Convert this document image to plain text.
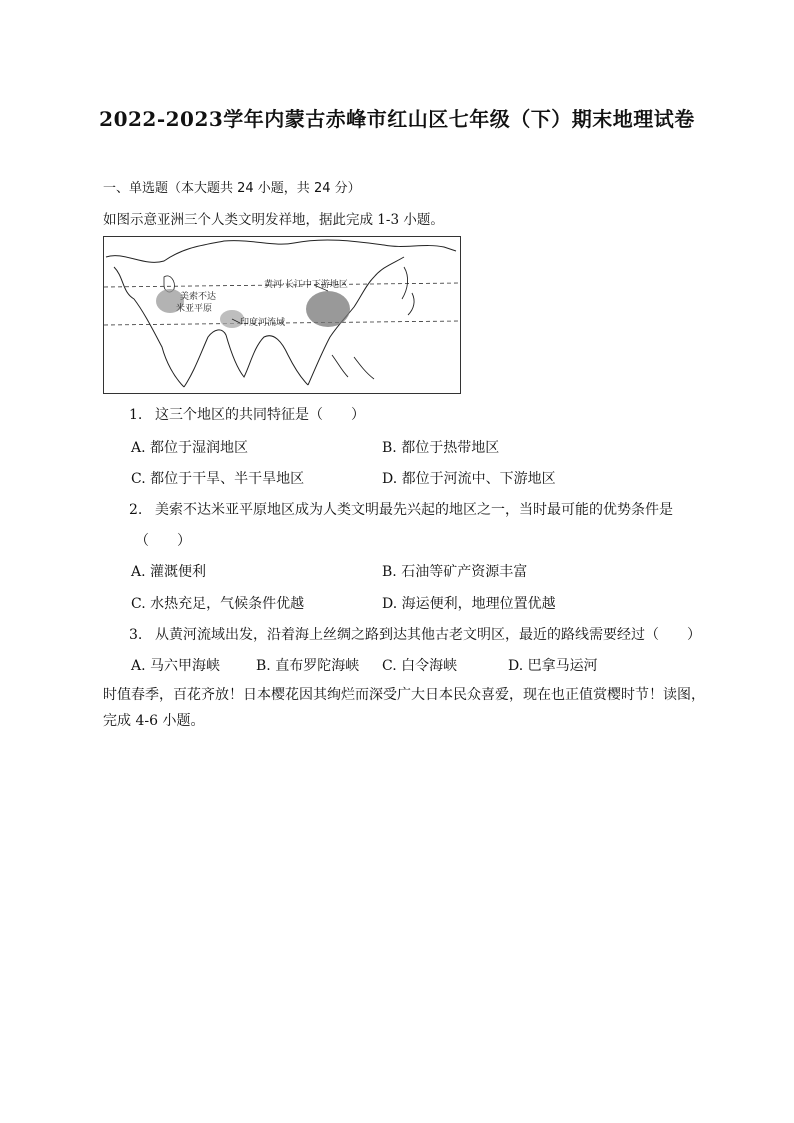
2022-2023学年内蒙古赤峰市红山区七年级（下）期末地理试卷
一、单选题（本大题共 24 小题，共 24 分）
如图示意亚洲三个人类文明发祥地，据此完成 1-3 小题。
黄河·长江中下游地区
美索不达
米亚平原
印度河流域
1. 这三个地区的共同特征是（　　）
A. 都位于湿润地区	B. 都位于热带地区
C. 都位于干旱、半干旱地区	D. 都位于河流中、下游地区
2. 美索不达米亚平原地区成为人类文明最先兴起的地区之一，当时最可能的优势条件是
（　　）
A. 灌溉便利	B. 石油等矿产资源丰富
C. 水热充足，气候条件优越	D. 海运便利，地理位置优越
3. 从黄河流域出发，沿着海上丝绸之路到达其他古老文明区，最近的路线需要经过（　　）
A. 马六甲海峡	B. 直布罗陀海峡 C. 白令海峡	D. 巴拿马运河
时值春季，百花齐放！日本樱花因其绚烂而深受广大日本民众喜爱，现在也正值赏樱时节！读图，
完成 4-6 小题。
